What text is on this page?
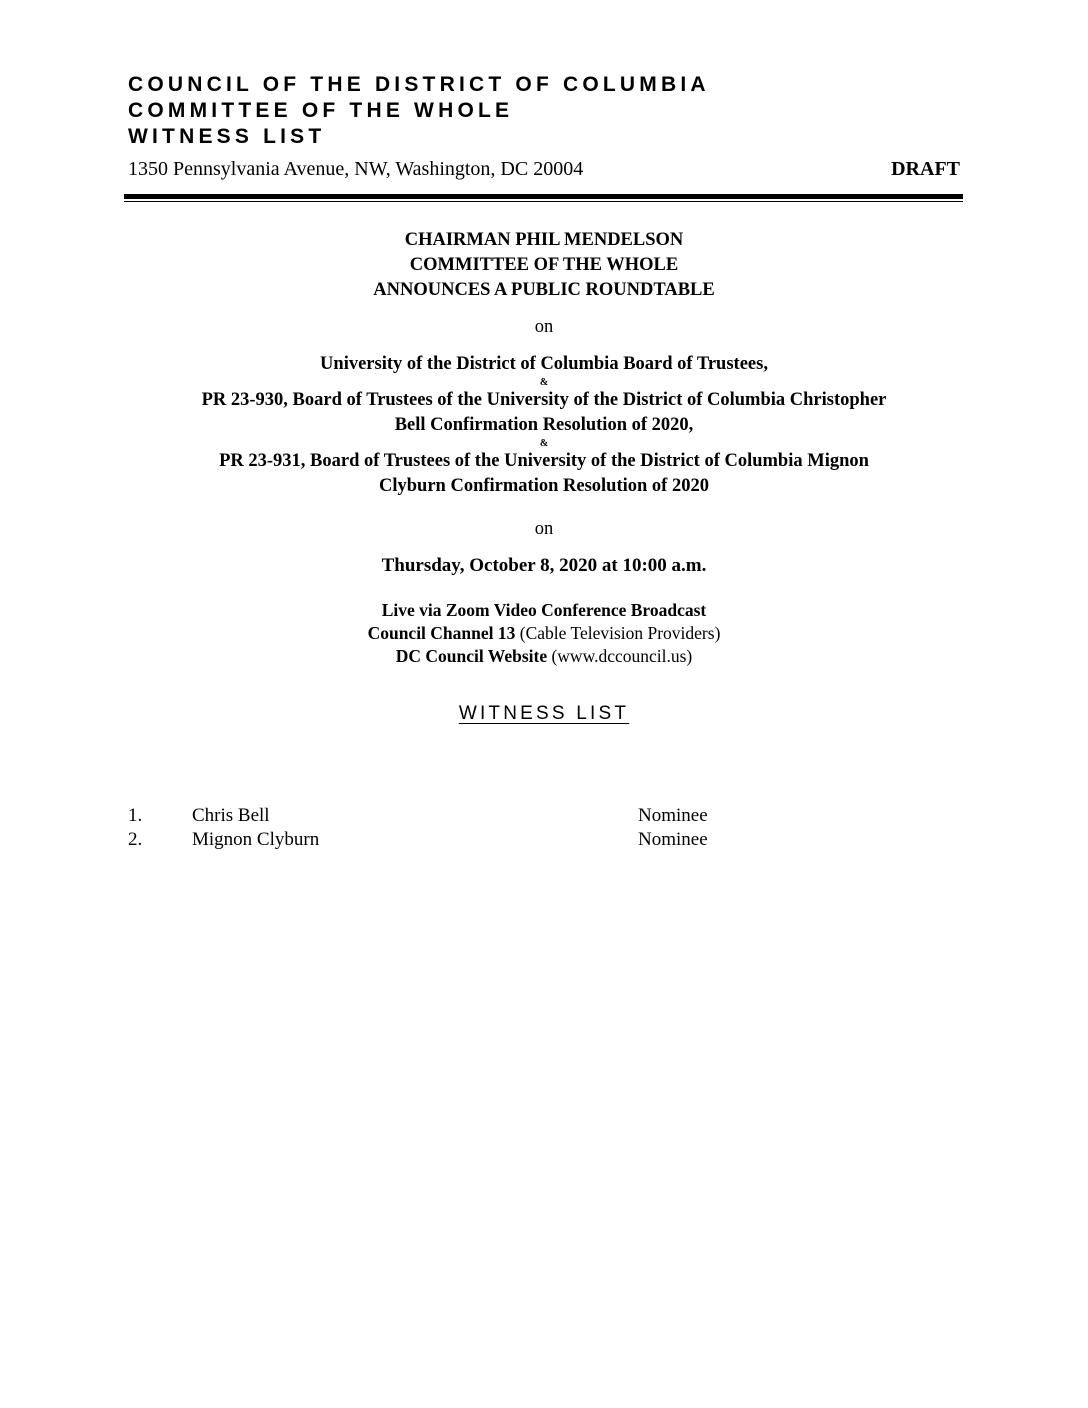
COUNCIL OF THE DISTRICT OF COLUMBIA
COMMITTEE OF THE WHOLE
WITNESS LIST
1350 Pennsylvania Avenue, NW, Washington, DC 20004	DRAFT
CHAIRMAN PHIL MENDELSON
COMMITTEE OF THE WHOLE
ANNOUNCES A PUBLIC ROUNDTABLE
on
University of the District of Columbia Board of Trustees,
&
PR 23-930, Board of Trustees of the University of the District of Columbia Christopher
Bell Confirmation Resolution of 2020,
&
PR 23-931, Board of Trustees of the University of the District of Columbia Mignon
Clyburn Confirmation Resolution of 2020
on
Thursday, October 8, 2020 at 10:00 a.m.
Live via Zoom Video Conference Broadcast
Council Channel 13 (Cable Television Providers)
DC Council Website (www.dccouncil.us)
WITNESS LIST
1.	Chris Bell	Nominee
2.	Mignon Clyburn	Nominee
